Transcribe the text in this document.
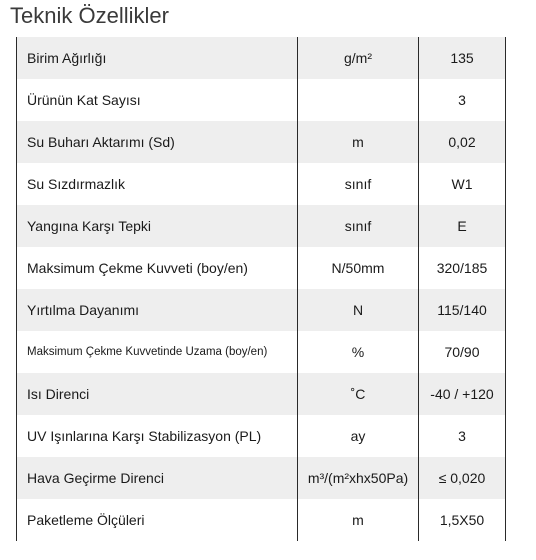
Teknik Özellikler
Birim Ağırlığı	g/m²	135
Ürünün Kat Sayısı		3
Su Buharı Aktarımı (Sd)	m	0,02
Su Sızdırmazlık	sınıf	W1
Yangına Karşı Tepki	sınıf	E
Maksimum Çekme Kuvveti (boy/en)	N/50mm	320/185
Yırtılma Dayanımı	N	115/140
Maksimum Çekme Kuvvetinde Uzama (boy/en)	%	70/90
Isı Direnci	˚C	-40 / +120
UV Işınlarına Karşı Stabilizasyon (PL)	ay	3
Hava Geçirme Direnci	m³/(m²xhx50Pa)	≤ 0,020
Paketleme Ölçüleri	m	1,5X50
